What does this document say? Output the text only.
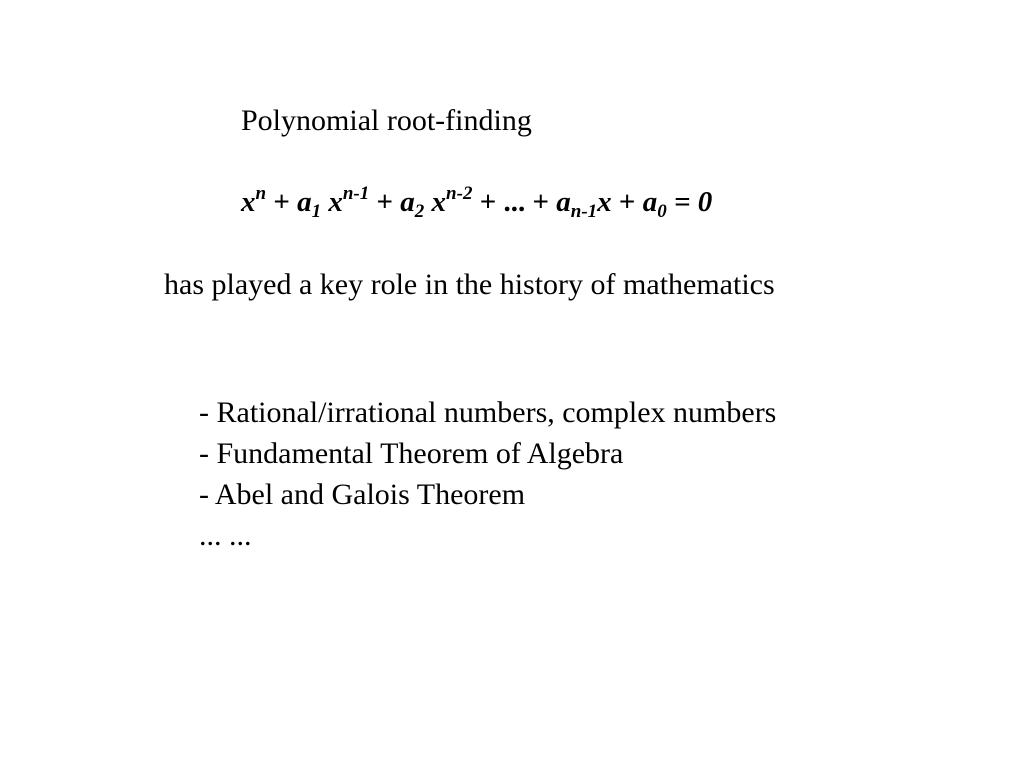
Polynomial root-finding
$x^n + a_1$ $x^{n-1} + a_2$ $x^{n-2}$ + ... + $a_{n-1}x + a_0 = 0$
has played a key role in the history of mathematics
- Rational/irrational numbers, complex numbers
- Fundamental Theorem of Algebra
- Abel and Galois Theorem
... ...
